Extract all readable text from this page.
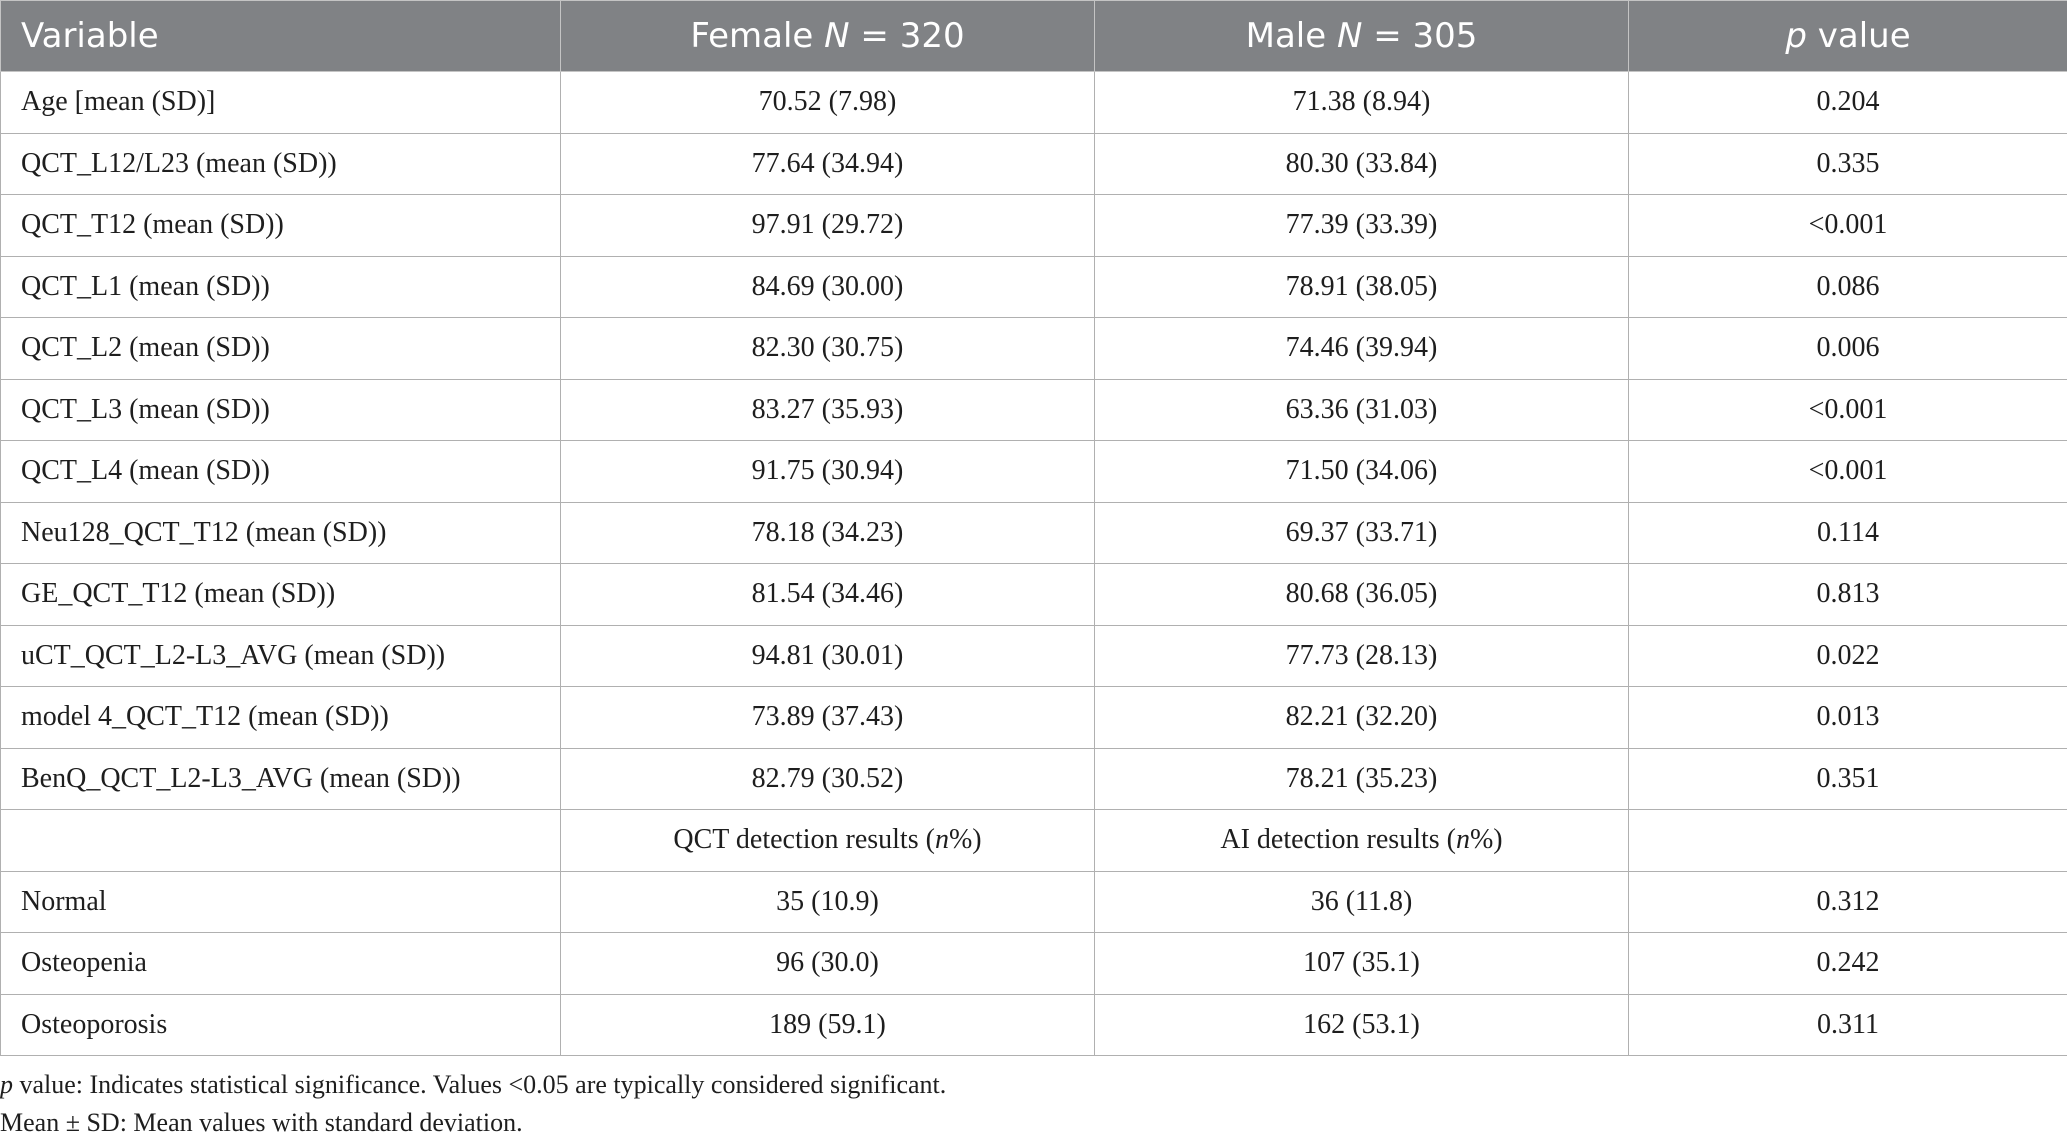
Variable	Female N = 320	Male N = 305	p value
Age [mean (SD)]	70.52 (7.98)	71.38 (8.94)	0.204
QCT_L12/L23 (mean (SD))	77.64 (34.94)	80.30 (33.84)	0.335
QCT_T12 (mean (SD))	97.91 (29.72)	77.39 (33.39)	<0.001
QCT_L1 (mean (SD))	84.69 (30.00)	78.91 (38.05)	0.086
QCT_L2 (mean (SD))	82.30 (30.75)	74.46 (39.94)	0.006
QCT_L3 (mean (SD))	83.27 (35.93)	63.36 (31.03)	<0.001
QCT_L4 (mean (SD))	91.75 (30.94)	71.50 (34.06)	<0.001
Neu128_QCT_T12 (mean (SD))	78.18 (34.23)	69.37 (33.71)	0.114
GE_QCT_T12 (mean (SD))	81.54 (34.46)	80.68 (36.05)	0.813
uCT_QCT_L2-L3_AVG (mean (SD))	94.81 (30.01)	77.73 (28.13)	0.022
model 4_QCT_T12 (mean (SD))	73.89 (37.43)	82.21 (32.20)	0.013
BenQ_QCT_L2-L3_AVG (mean (SD))	82.79 (30.52)	78.21 (35.23)	0.351
	QCT detection results (n%)	AI detection results (n%)	
Normal	35 (10.9)	36 (11.8)	0.312
Osteopenia	96 (30.0)	107 (35.1)	0.242
Osteoporosis	189 (59.1)	162 (53.1)	0.311
p value: Indicates statistical significance. Values <0.05 are typically considered significant.
Mean ± SD: Mean values with standard deviation.
